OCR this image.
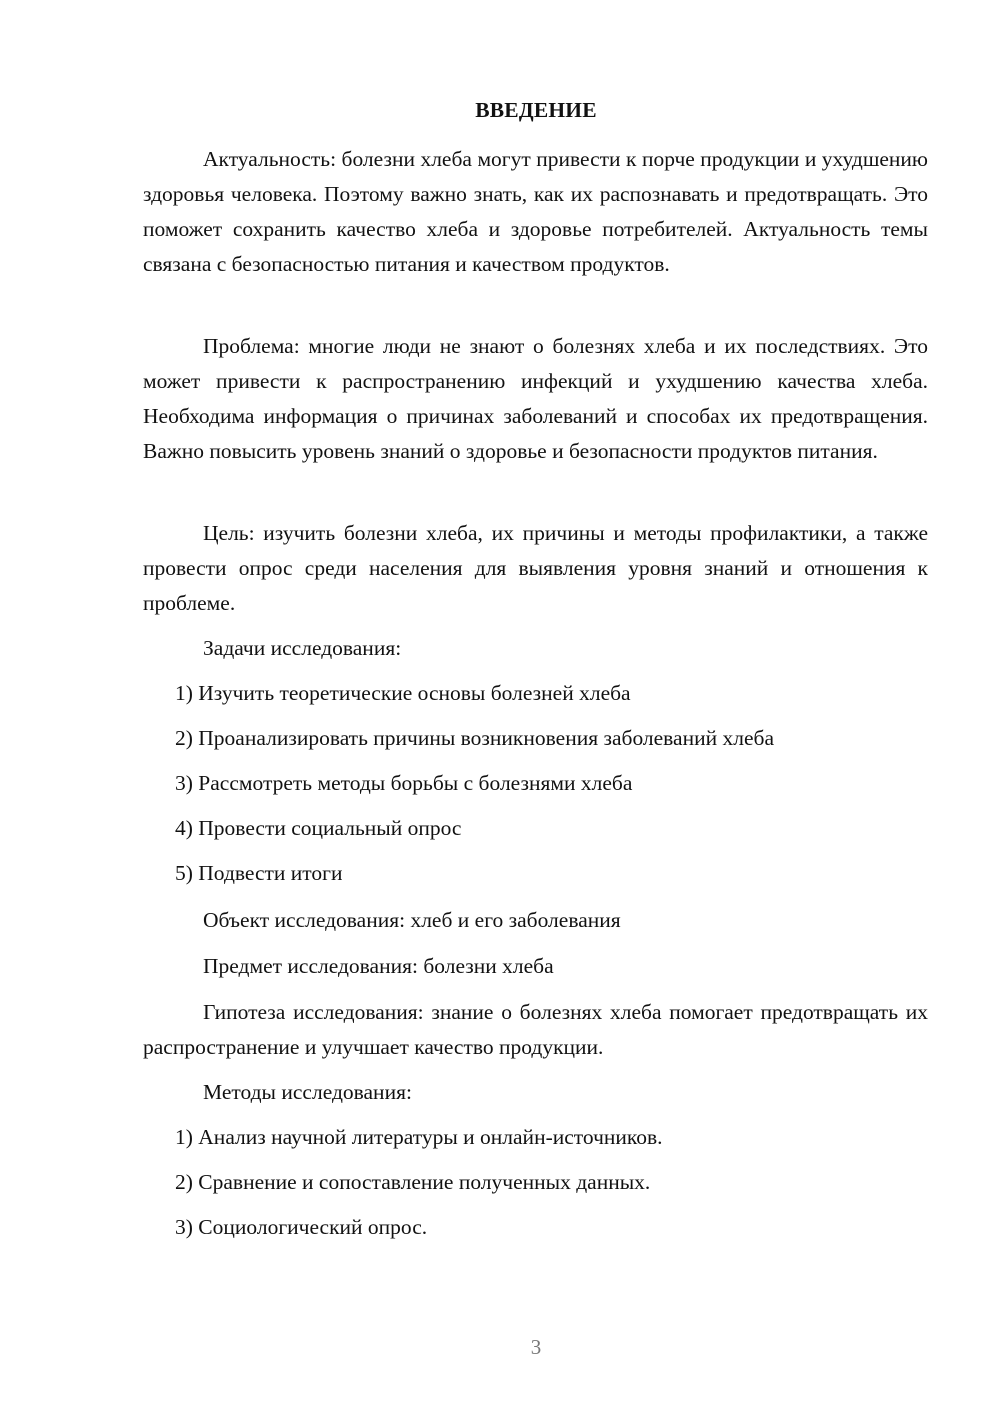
ВВЕДЕНИЕ

Актуальность: болезни хлеба могут привести к порче продукции и ухудшению здоровья человека. Поэтому важно знать, как их распознавать и предотвращать. Это поможет сохранить качество хлеба и здоровье потребителей. Актуальность темы связана с безопасностью питания и качеством продуктов.

Проблема: многие люди не знают о болезнях хлеба и их последствиях. Это может привести к распространению инфекций и ухудшению качества хлеба. Необходима информация о причинах заболеваний и способах их предотвращения. Важно повысить уровень знаний о здоровье и безопасности продуктов питания.

Цель: изучить болезни хлеба, их причины и методы профилактики, а также провести опрос среди населения для выявления уровня знаний и отношения к проблеме.

Задачи исследования:

1) Изучить теоретические основы болезней хлеба

2) Проанализировать причины возникновения заболеваний хлеба

3) Рассмотреть методы борьбы с болезнями хлеба

4) Провести социальный опрос

5) Подвести итоги

Объект исследования: хлеб и его заболевания

Предмет исследования: болезни хлеба

Гипотеза исследования: знание о болезнях хлеба помогает предотвращать их распространение и улучшает качество продукции.

Методы исследования:

1) Анализ научной литературы и онлайн-источников.

2) Сравнение и сопоставление полученных данных.

3) Социологический опрос.

3
